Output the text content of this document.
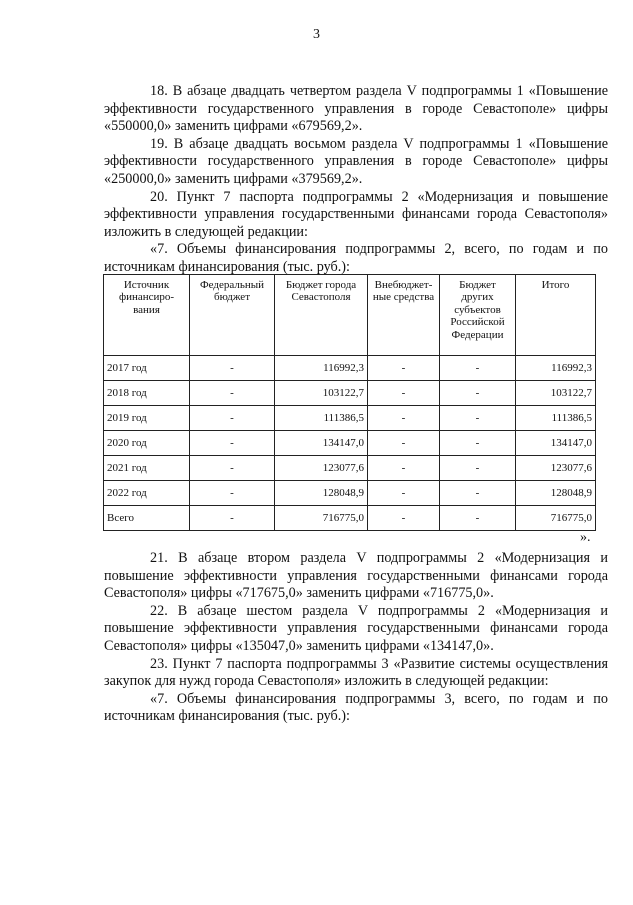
3

18. В абзаце двадцать четвертом раздела V подпрограммы 1 «Повышение эффективности государственного управления в городе Севастополе» цифры «550000,0» заменить цифрами «679569,2».

19. В абзаце двадцать восьмом раздела V подпрограммы 1 «Повышение эффективности государственного управления в городе Севастополе» цифры «250000,0» заменить цифрами «379569,2».

20. Пункт 7 паспорта подпрограммы 2 «Модернизация и повышение эффективности управления государственными финансами города Севастополя» изложить в следующей редакции:

«7. Объемы финансирования подпрограммы 2, всего, по годам и по источникам финансирования (тыс. руб.):

Источник финансиро-вания	Федеральный бюджет	Бюджет города Севастополя	Внебюджет-ные средства	Бюджет других субъектов Российской Федерации	Итого
2017 год	-	116992,3	-	-	116992,3
2018 год	-	103122,7	-	-	103122,7
2019 год	-	111386,5	-	-	111386,5
2020 год	-	134147,0	-	-	134147,0
2021 год	-	123077,6	-	-	123077,6
2022 год	-	128048,9	-	-	128048,9
Всего	-	716775,0	-	-	716775,0
».

21. В абзаце втором раздела V подпрограммы 2 «Модернизация и повышение эффективности управления государственными финансами города Севастополя» цифры «717675,0» заменить цифрами «716775,0».

22. В абзаце шестом раздела V подпрограммы 2 «Модернизация и повышение эффективности управления государственными финансами города Севастополя» цифры «135047,0» заменить цифрами «134147,0».

23. Пункт 7 паспорта подпрограммы 3 «Развитие системы осуществления закупок для нужд города Севастополя» изложить в следующей редакции:

«7. Объемы финансирования подпрограммы 3, всего, по годам и по источникам финансирования (тыс. руб.):
